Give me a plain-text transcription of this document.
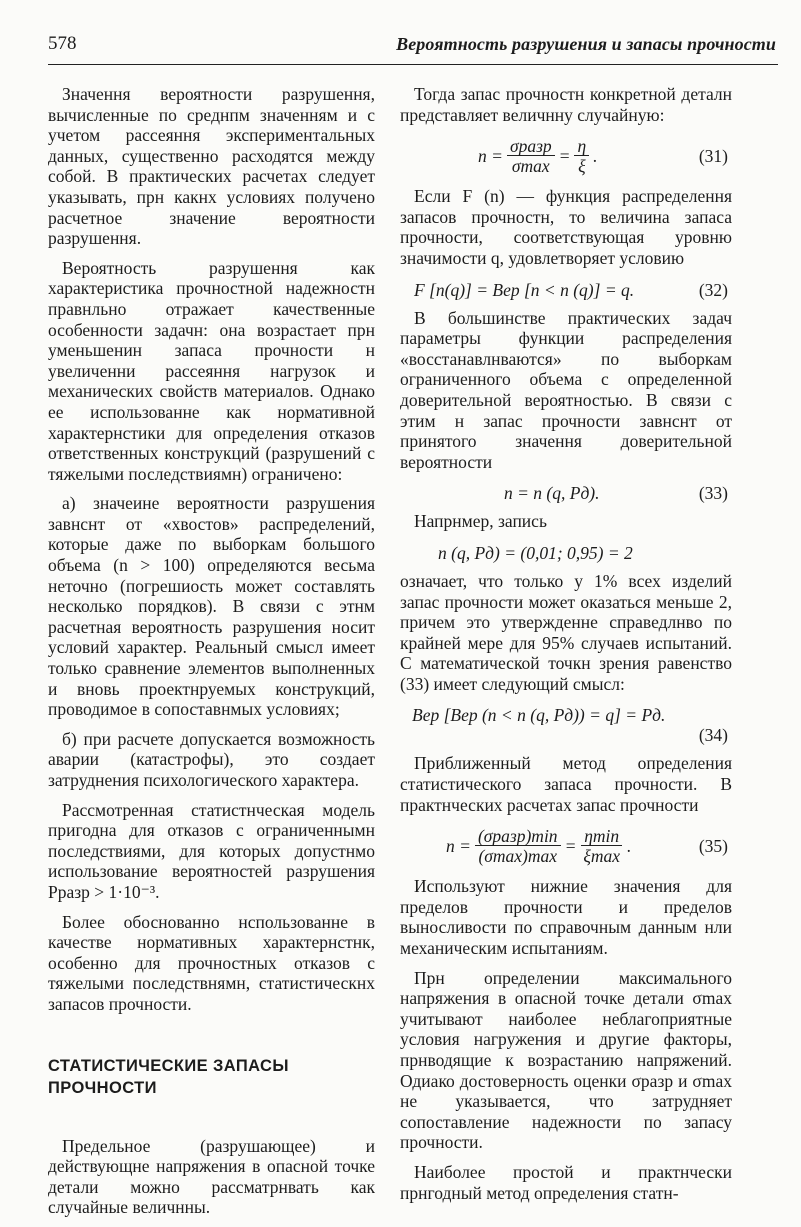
578	Вероятность разрушения и запасы прочности

Значення вероятности разрушення, вычисленные по среднпм значенням и с учетом рассеяння экспериментальных данных, существенно расходятся между собой. В практических расчетах следует указывать, прн какнх условиях получено расчетное значение вероятности разрушення.

Вероятность разрушення как характеристика прочностной надежностн правнльно отражает качественные особенности задачн: она возрастает прн уменьшенин запаса прочности н увеличенни рассеяння нагрузок и механических свойств материалов. Однако ее использованне как нормативной характернстики для определения отказов ответственных конструкций (разрушений с тяжелыми последствиямн) ограничено:

а) значеине вероятности разрушения завнснт от «хвостов» распределений, которые даже по выборкам большого объема (n > 100) определяются весьма неточно (погрешиость может составлять несколько порядков). В связи с этнм расчетная вероятность разрушения носит условий характер. Реальный смысл имеет только сравнение элементов выполненных и вновь проектнруемых конструкций, проводимое в сопоставнмых условиях;

б) при расчете допускается возможность аварии (катастрофы), это создает затруднения психологического характера.

Рассмотренная статистнческая модель пригодна для отказов с ограниченнымн последствиями, для которых допустнмо использование вероятностей разрушения Pразр > 1·10⁻³.

Более обоснованно нспользованне в качестве нормативных характернстнк, особенно для прочностных отказов с тяжелыми последствнямн, статистическнх запасов прочности.

СТАТИСТИЧЕСКИЕ ЗАПАСЫ ПРОЧНОСТИ

Предельное (разрушающее) и действующне напряжения в опасной точке детали можно рассматрнвать как случайные величнны.

Тогда запас прочностн конкретной деталн представляет величнну случайную:

$n = \frac{\text{σразр}}{\sigma\max} = \frac{\eta}{\xi}$ .	(31)

Если F (n) — функция распределення запасов прочностн, то величина запаса прочности, соответствующая уровню значимости q, удовлетворяет условию

F [n(q)] = Вер [n < n (q)] = q.	(32)

В большинстве практических задач параметры функции распределения «восстанавлнваются» по выборкам ограниченного объема с определенной доверительной вероятностью. В связи с этим н запас прочности завнснт от принятого значення доверительной вероятности

n = n (q, Pд).	(33)

Напрнмер, запись

n (q, Pд) = (0,01; 0,95) = 2

означает, что только у 1% всех изделий запас прочности может оказаться меньше 2, причем это утвержденне справедлнво по крайней мере для 95% случаев испытаний. С математической точкн зрения равенство (33) имеет следующий смысл:

Вер [Вер (n < n (q, Pд)) = q] = Pд.
(34)

Приближенный метод определения статистического запаса прочности. В практнческих расчетах запас прочности

$n = \frac{\text{(σразр)min}}{(\sigma\max)\max} = \frac{\eta\min}{\xi\max}$ .	(35)

Используют нижние значения для пределов прочности и пределов выносливости по справочным данным нли механическим испытаниям.

Прн определении максимального напряжения в опасной точке детали σmax учитывают наиболее неблагоприятные условия нагружения и другие факторы, прнводящие к возрастанию напряжений. Одиако достоверность оценки σразр и σmax не указывается, что затрудняет сопоставление надежности по запасу прочности.

Наиболее простой и практнчески прнгодный метод определения статн-
